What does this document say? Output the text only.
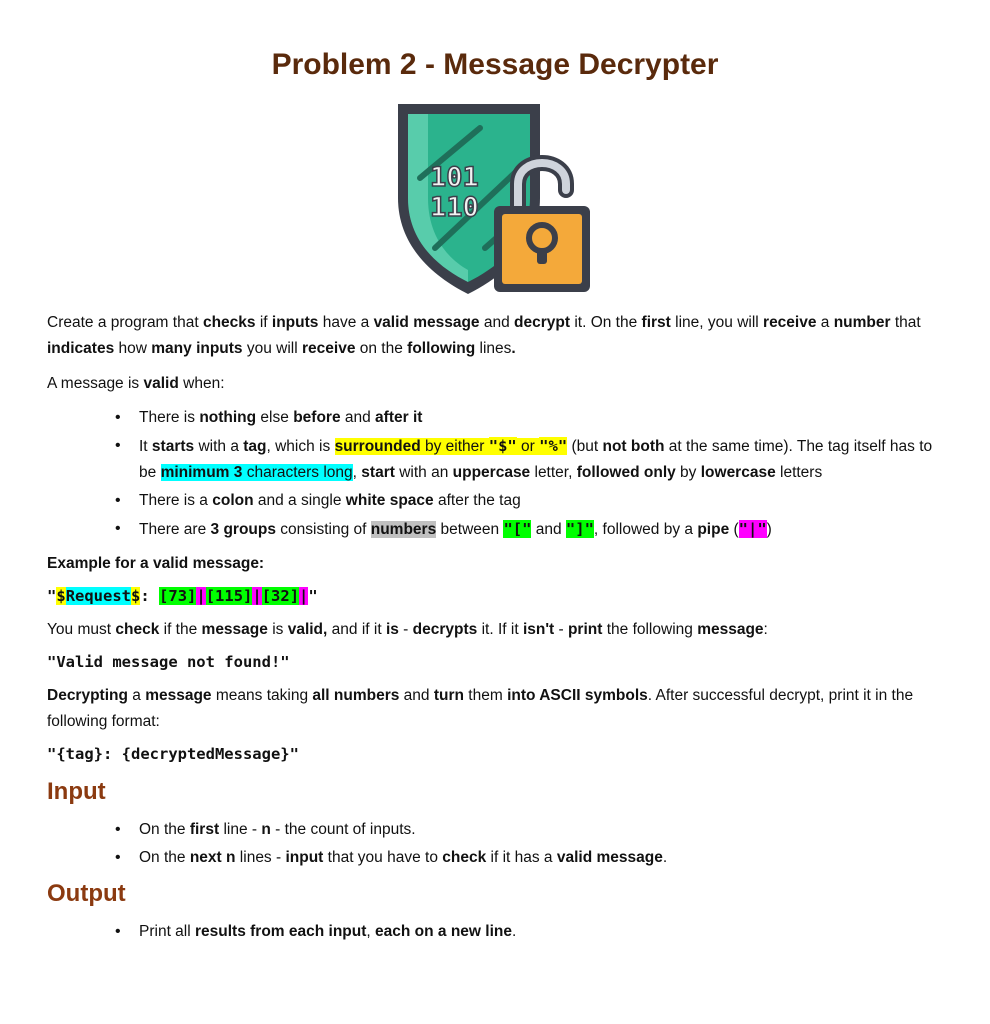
Problem 2 - Message Decrypter
101
110

Create a program that checks if inputs have a valid message and decrypt it. On the first line, you will receive a number that indicates how many inputs you will receive on the following lines.

A message is valid when:

• There is nothing else before and after it
• It starts with a tag, which is surrounded by either "$" or "%" (but not both at the same time). The tag itself has to be minimum 3 characters long, start with an uppercase letter, followed only by lowercase letters
• There is a colon and a single white space after the tag
• There are 3 groups consisting of numbers between "[" and "]", followed by a pipe ("|")

Example for a valid message:

"$Request$: [73]|[115]|[32]|"

You must check if the message is valid, and if it is - decrypts it. If it isn't - print the following message:

"Valid message not found!"

Decrypting a message means taking all numbers and turn them into ASCII symbols. After successful decrypt, print it in the following format:

"{tag}: {decryptedMessage}"

Input
• On the first line - n - the count of inputs.
• On the next n lines - input that you have to check if it has a valid message.
Output
• Print all results from each input, each on a new line.
